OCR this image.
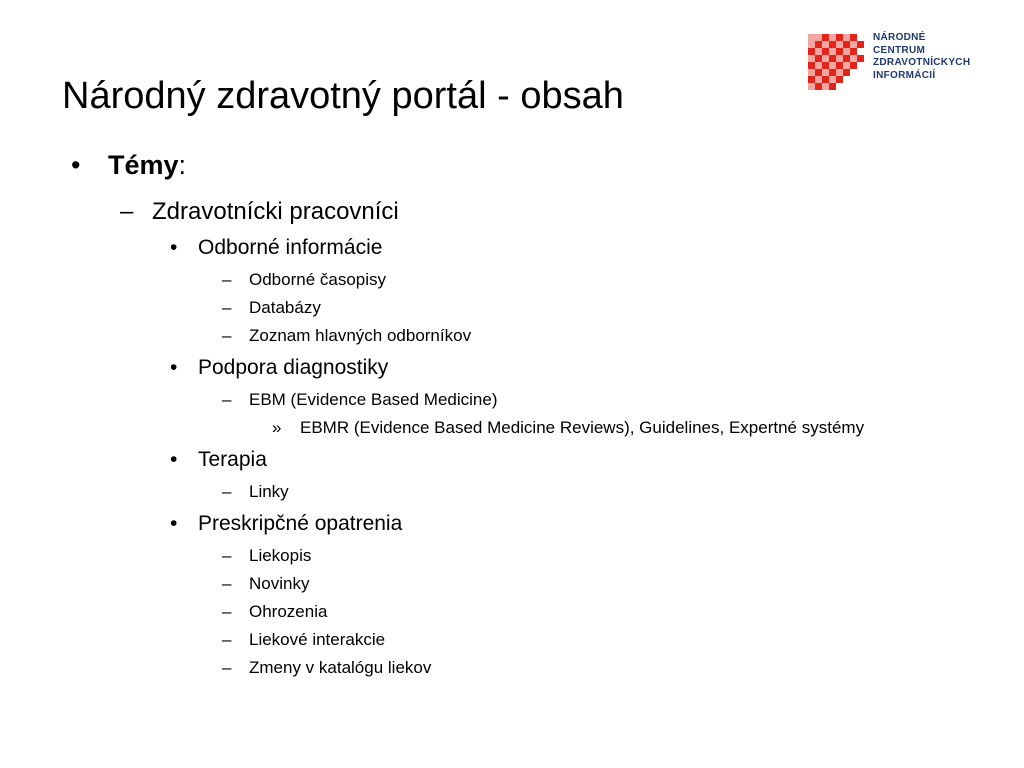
Národný zdravotný portál - obsah
NÁRODNÉ
CENTRUM
ZDRAVOTNÍCKYCH
INFORMÁCIÍ
•	Témy:
– Zdravotnícki pracovníci
• Odborné informácie
–	Odborné časopisy
–	Databázy
–	Zoznam hlavných odborníkov
• Podpora diagnostiky
–	EBM (Evidence Based Medicine)
»	EBMR (Evidence Based Medicine Reviews), Guidelines, Expertné systémy
• Terapia
–	Linky
• Preskripčné opatrenia
–	Liekopis
–	Novinky
–	Ohrozenia
–	Liekové interakcie
–	Zmeny v katalógu liekov
